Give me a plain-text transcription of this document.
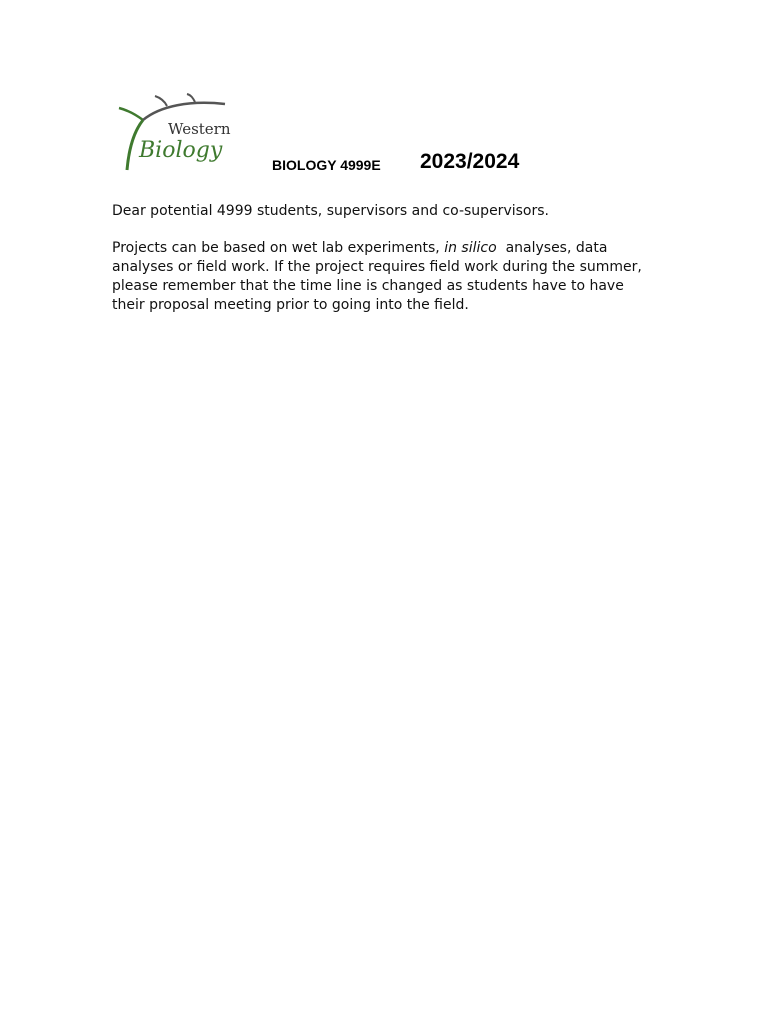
Western
Biology
BIOLOGY 4999E 2023/2024
Dear potential 4999 students, supervisors and co-supervisors.
Projects can be based on wet lab experiments, in silico  analyses, data analyses or field work. If the project requires field work during the summer, please remember that the time line is changed as students have to have their proposal meeting prior to going into the field.
